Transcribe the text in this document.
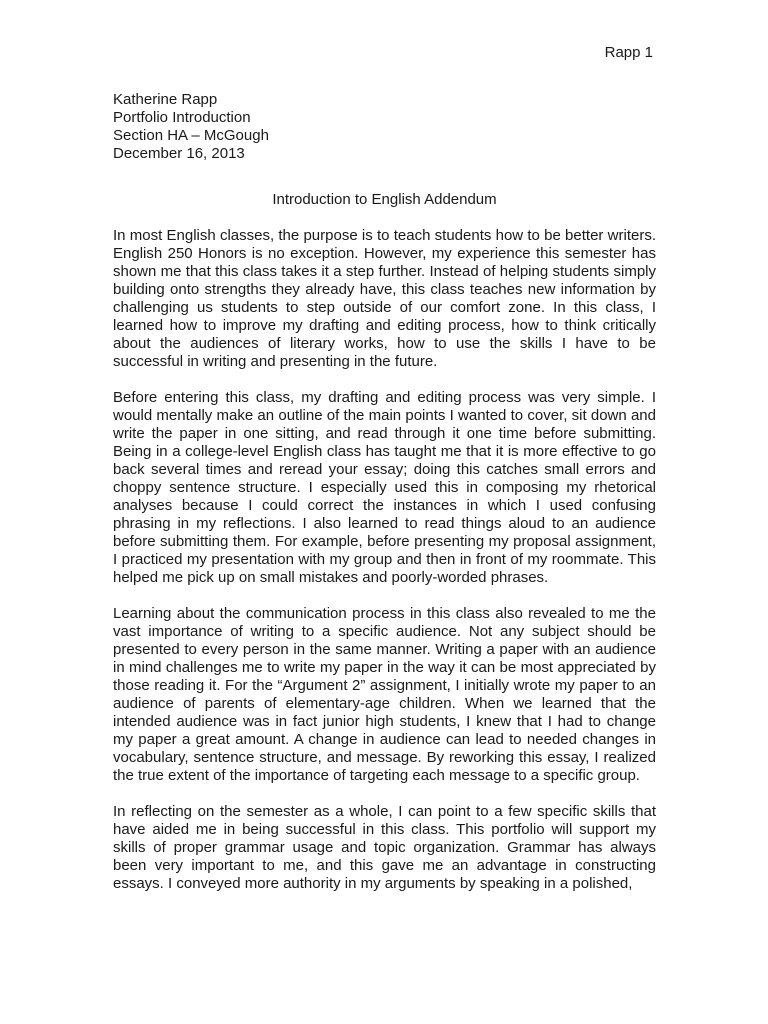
Rapp 1

Katherine Rapp

Portfolio Introduction

Section HA – McGough

December 16, 2013

Introduction to English Addendum

In most English classes, the purpose is to teach students how to be better writers. English 250 Honors is no exception. However, my experience this semester has shown me that this class takes it a step further. Instead of helping students simply building onto strengths they already have, this class teaches new information by challenging us students to step outside of our comfort zone. In this class, I learned how to improve my drafting and editing process, how to think critically about the audiences of literary works, how to use the skills I have to be successful in writing and presenting in the future.

Before entering this class, my drafting and editing process was very simple. I would mentally make an outline of the main points I wanted to cover, sit down and write the paper in one sitting, and read through it one time before submitting. Being in a college-level English class has taught me that it is more effective to go back several times and reread your essay; doing this catches small errors and choppy sentence structure. I especially used this in composing my rhetorical analyses because I could correct the instances in which I used confusing phrasing in my reflections. I also learned to read things aloud to an audience before submitting them. For example, before presenting my proposal assignment, I practiced my presentation with my group and then in front of my roommate. This helped me pick up on small mistakes and poorly-worded phrases.

Learning about the communication process in this class also revealed to me the vast importance of writing to a specific audience. Not any subject should be presented to every person in the same manner. Writing a paper with an audience in mind challenges me to write my paper in the way it can be most appreciated by those reading it. For the “Argument 2” assignment, I initially wrote my paper to an audience of parents of elementary-age children. When we learned that the intended audience was in fact junior high students, I knew that I had to change my paper a great amount. A change in audience can lead to needed changes in vocabulary, sentence structure, and message. By reworking this essay, I realized the true extent of the importance of targeting each message to a specific group.

In reflecting on the semester as a whole, I can point to a few specific skills that have aided me in being successful in this class. This portfolio will support my skills of proper grammar usage and topic organization. Grammar has always been very important to me, and this gave me an advantage in constructing essays. I conveyed more authority in my arguments by speaking in a polished,
